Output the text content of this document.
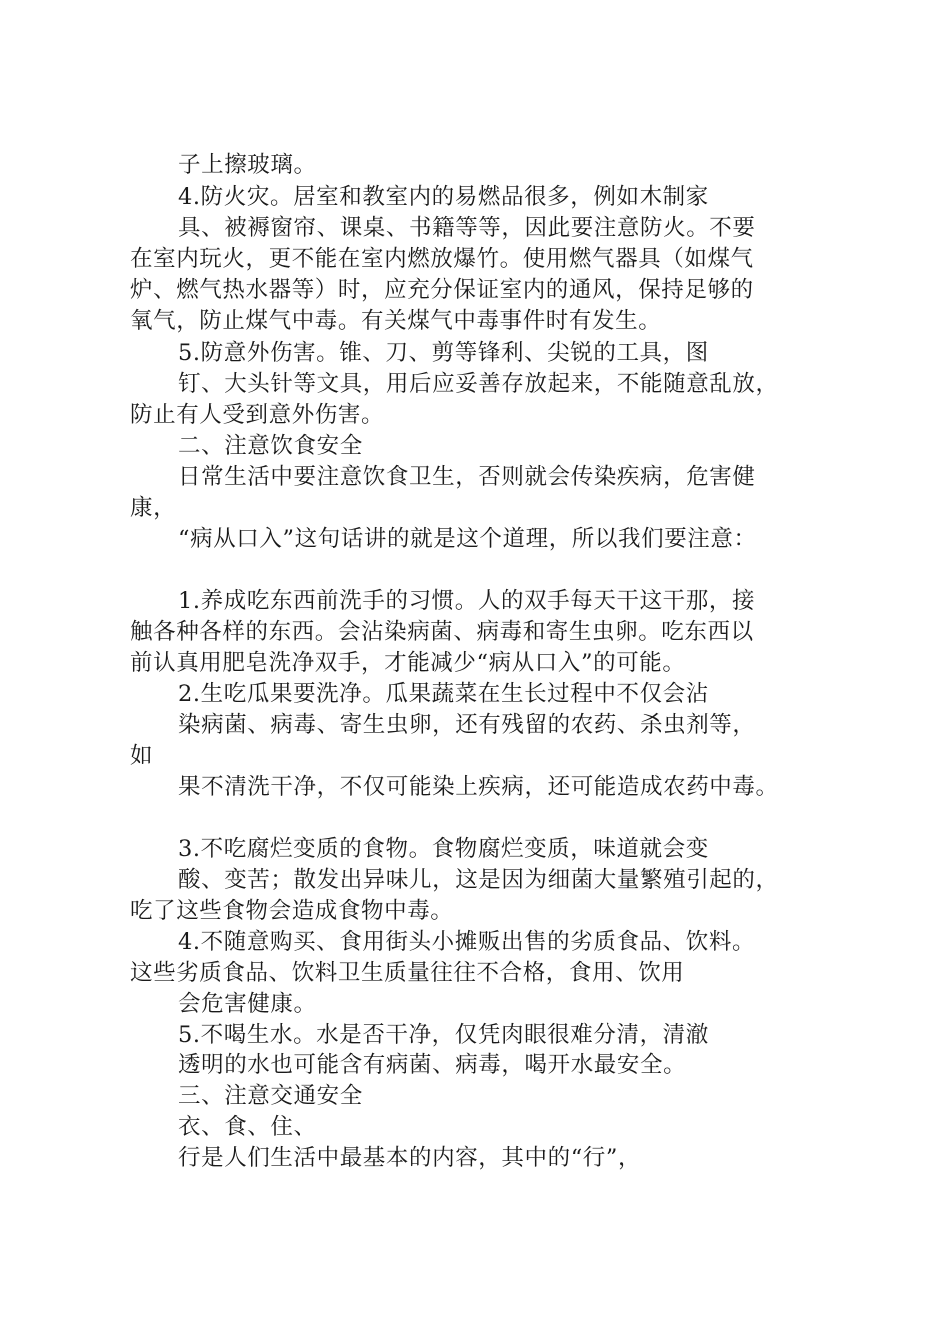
子上擦玻璃。
4.防火灾。居室和教室内的易燃品很多，例如木制家
具、被褥窗帘、课桌、书籍等等，因此要注意防火。不要
在室内玩火，更不能在室内燃放爆竹。使用燃气器具（如煤气
炉、燃气热水器等）时，应充分保证室内的通风，保持足够的
氧气，防止煤气中毒。有关煤气中毒事件时有发生。
5.防意外伤害。锥、刀、剪等锋利、尖锐的工具，图
钉、大头针等文具，用后应妥善存放起来，不能随意乱放，
防止有人受到意外伤害。
二、注意饮食安全
日常生活中要注意饮食卫生，否则就会传染疾病，危害健
康，
“病从口入”这句话讲的就是这个道理，所以我们要注意：
1.养成吃东西前洗手的习惯。人的双手每天干这干那，接
触各种各样的东西。会沾染病菌、病毒和寄生虫卵。吃东西以
前认真用肥皂洗净双手，才能减少“病从口入”的可能。
2.生吃瓜果要洗净。瓜果蔬菜在生长过程中不仅会沾
染病菌、病毒、寄生虫卵，还有残留的农药、杀虫剂等，
如
果不清洗干净，不仅可能染上疾病，还可能造成农药中毒。
3.不吃腐烂变质的食物。食物腐烂变质，味道就会变
酸、变苦；散发出异味儿，这是因为细菌大量繁殖引起的，
吃了这些食物会造成食物中毒。
4.不随意购买、食用街头小摊贩出售的劣质食品、饮料。
这些劣质食品、饮料卫生质量往往不合格，食用、饮用
会危害健康。
5.不喝生水。水是否干净，仅凭肉眼很难分清，清澈
透明的水也可能含有病菌、病毒，喝开水最安全。
三、注意交通安全
衣、食、住、
行是人们生活中最基本的内容，其中的“行”，
